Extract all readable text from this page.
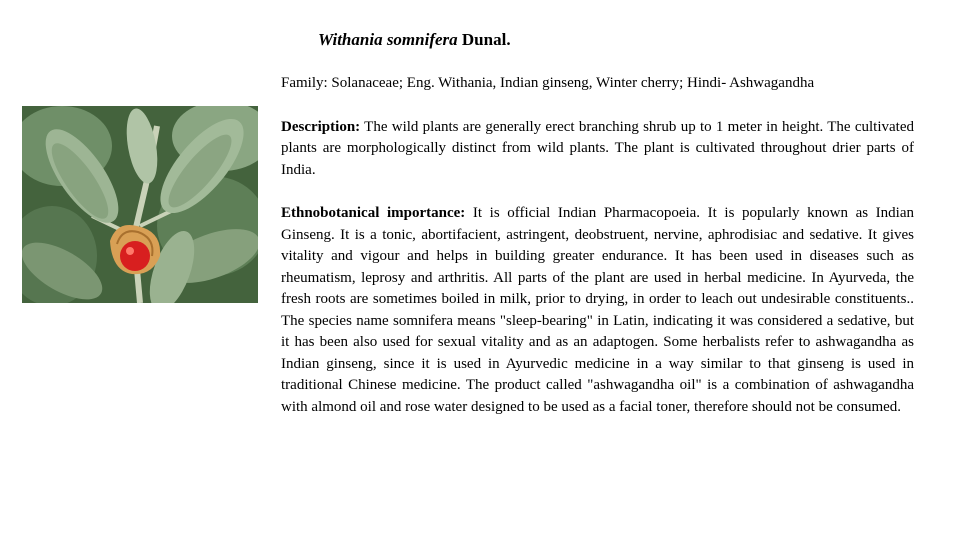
Withania somnifera Dunal.

Family: Solanaceae; Eng. Withania, Indian ginseng, Winter cherry; Hindi- Ashwagandha

Description: The wild plants are generally erect branching shrub up to 1 meter in height. The cultivated plants are morphologically distinct from wild plants. The plant is cultivated throughout drier parts of India.

Ethnobotanical importance: It is official Indian Pharmacopoeia. It is popularly known as Indian Ginseng. It is a tonic, abortifacient, astringent, deobstruent, nervine, aphrodisiac and sedative. It gives vitality and vigour and helps in building greater endurance. It has been used in diseases such as rheumatism, leprosy and arthritis. All parts of the plant are used in herbal medicine. In Ayurveda, the fresh roots are sometimes boiled in milk, prior to drying, in order to leach out undesirable constituents.. The species name somnifera means "sleep-bearing" in Latin, indicating it was considered a sedative, but it has been also used for sexual vitality and as an adaptogen. Some herbalists refer to ashwagandha as Indian ginseng, since it is used in Ayurvedic medicine in a way similar to that ginseng is used in traditional Chinese medicine. The product called "ashwagandha oil" is a combination of ashwagandha with almond oil and rose water designed to be used as a facial toner, therefore should not be consumed.
